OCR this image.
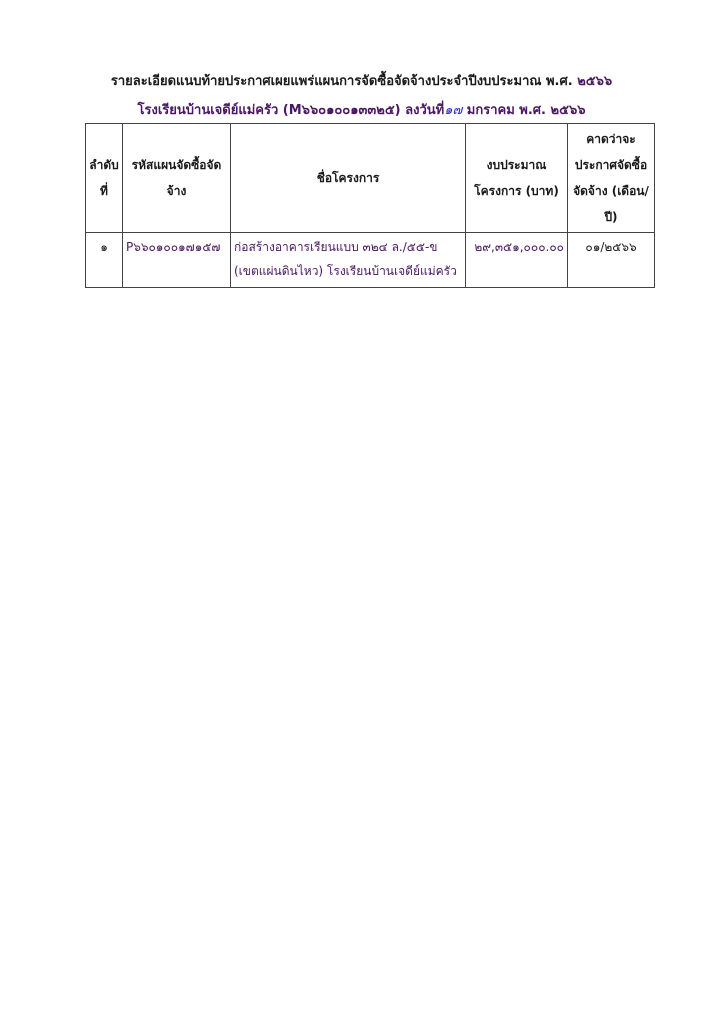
รายละเอียดแนบท้ายประกาศเผยแพร่แผนการจัดซื้อจัดจ้างประจำปีงบประมาณ พ.ศ. ๒๕๖๖
โรงเรียนบ้านเจดีย์แม่ครัว (M๖๖๐๑๐๐๑๓๓๒๕) ลงวันที่๑๗ มกราคม พ.ศ. ๒๕๖๖
ลำดับ ที่	รหัสแผนจัดซื้อจัด จ้าง	ชื่อโครงการ	งบประมาณ โครงการ (บาท)	คาดว่าจะ ประกาศจัดซื้อ จัดจ้าง (เดือน/ปี)
๑	P๖๖๐๑๐๐๑๗๑๕๗	ก่อสร้างอาคารเรียนแบบ ๓๒๔ ล./๕๕-ข (เขตแผ่นดินไหว) โรงเรียนบ้านเจดีย์แม่ครัว	๒๙,๓๕๑,๐๐๐.๐๐	๐๑/๒๕๖๖
